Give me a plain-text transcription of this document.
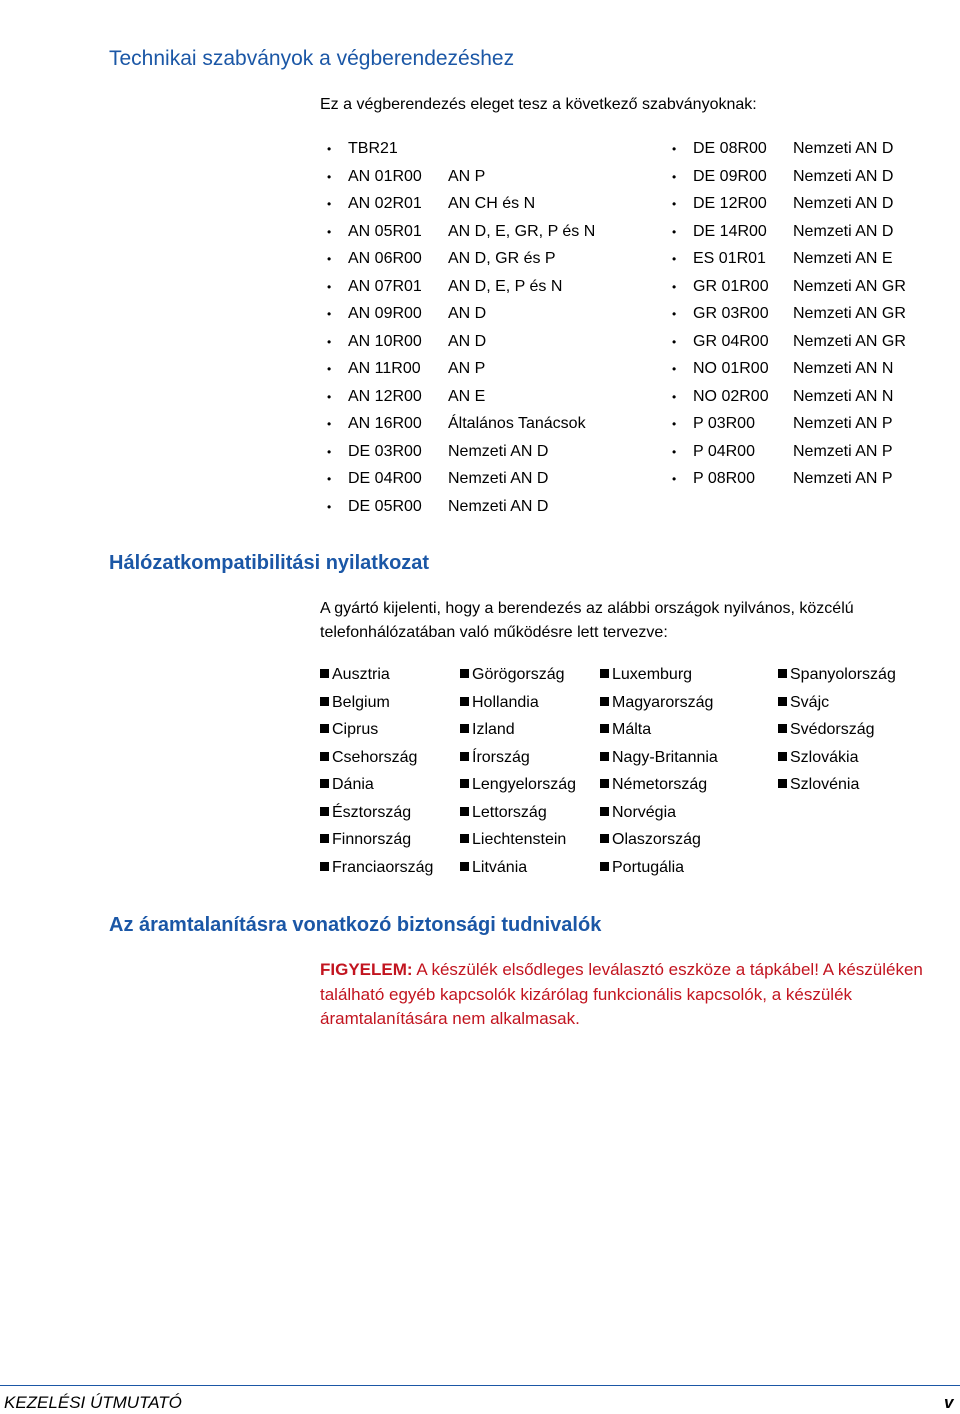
Technikai szabványok a végberendezéshez
Ez a végberendezés eleget tesz a következő szabványoknak:
• TBR21
• AN 01R00 AN P
• AN 02R01 AN CH és N
• AN 05R01 AN D, E, GR, P és N
• AN 06R00 AN D, GR és P
• AN 07R01 AN D, E, P és N
• AN 09R00 AN D
• AN 10R00 AN D
• AN 11R00 AN P
• AN 12R00 AN E
• AN 16R00 Általános Tanácsok
• DE 03R00 Nemzeti AN D
• DE 04R00 Nemzeti AN D
• DE 05R00 Nemzeti AN D
• DE 08R00 Nemzeti AN D
• DE 09R00 Nemzeti AN D
• DE 12R00 Nemzeti AN D
• DE 14R00 Nemzeti AN D
• ES 01R01 Nemzeti AN E
• GR 01R00 Nemzeti AN GR
• GR 03R00 Nemzeti AN GR
• GR 04R00 Nemzeti AN GR
• NO 01R00 Nemzeti AN N
• NO 02R00 Nemzeti AN N
• P 03R00 Nemzeti AN P
• P 04R00 Nemzeti AN P
• P 08R00 Nemzeti AN P
Hálózatkompatibilitási nyilatkozat
A gyártó kijelenti, hogy a berendezés az alábbi országok nyilvános, közcélú telefonhálózatában való működésre lett tervezve:
Ausztria
Belgium
Ciprus
Csehország
Dánia
Észtország
Finnország
Franciaország
Görögország
Hollandia
Izland
Írország
Lengyelország
Lettország
Liechtenstein
Litvánia
Luxemburg
Magyarország
Málta
Nagy-Britannia
Németország
Norvégia
Olaszország
Portugália
Spanyolország
Svájc
Svédország
Szlovákia
Szlovénia
Az áramtalanításra vonatkozó biztonsági tudnivalók
FIGYELEM: A készülék elsődleges leválasztó eszköze a tápkábel! A készüléken található egyéb kapcsolók kizárólag funkcionális kapcsolók, a készülék áramtalanítására nem alkalmasak.
KEZELÉSI ÚTMUTATÓ	v
